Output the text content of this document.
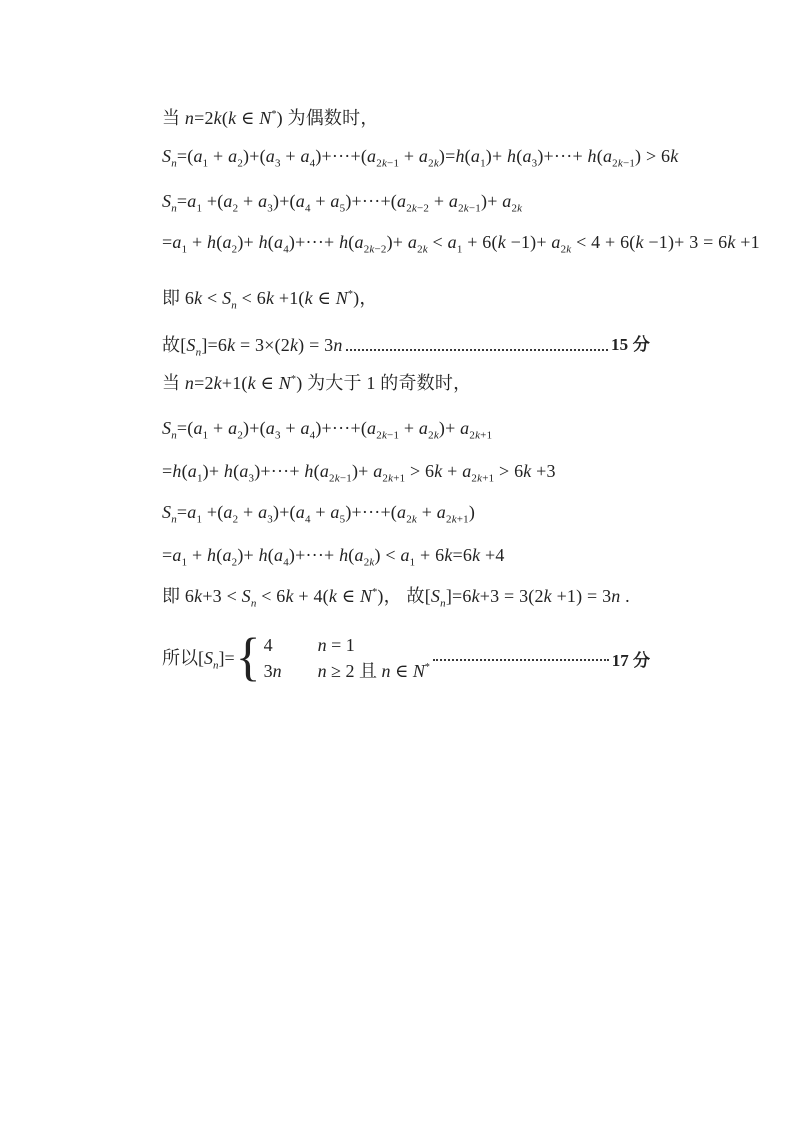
当 n=2k(k ∈ N*) 为偶数时，
$S_n=(a_1 + a_2)+(a_3 + a_4)+\cdot\cdot\cdot+(a_{2k-1} + a_{2k})=h(a_1)+ h(a_3)+\cdot\cdot\cdot+ h(a_{2k-1}) > 6k$
$S_n=a_1 +(a_2 + a_3)+(a_4 + a_5)+\cdot\cdot\cdot+(a_{2k-2} + a_{2k-1})+ a_{2k}$
$=a_1 + h(a_2)+ h(a_4)+\cdot\cdot\cdot+ h(a_{2k-2})+ a_{2k} < a_1 + 6(k -1)+ a_{2k} < 4 + 6(k -1)+ 3 = 6k +1$
即 $6k < S_n < 6k +1(k$ ∈ N*)，
故$[S_n]=6k = 3\times(2k) = 3n$	15 分
当 n=2k+1(k ∈ N*) 为大于 1 的奇数时，
$S_n=(a_1 + a_2)+(a_3 + a_4)+\cdot\cdot\cdot+(a_{2k-1} + a_{2k})+ a_{2k+1}$
$=h(a_1)+ h(a_3)+\cdot\cdot\cdot+ h(a_{2k-1})+ a_{2k+1} > 6k + a_{2k+1} > 6k +3$
$S_n=a_1 +(a_2 + a_3)+(a_4 + a_5)+\cdot\cdot\cdot+(a_{2k} + a_{2k+1})$
$=a_1 + h(a_2)+ h(a_4)+\cdot\cdot\cdot+ h(a_{2k}) < a_1 + 6k=6k +4$
即 $6k+3 < S_n < 6k + 4(k$ ∈ N*)， 故$[S_n]=6k+3 = 3(2k +1) = 3n$ .
所以$[S_n]=$ { 4	n = 1
3n	n ≥ 2 且 n ∈ N*	17 分
